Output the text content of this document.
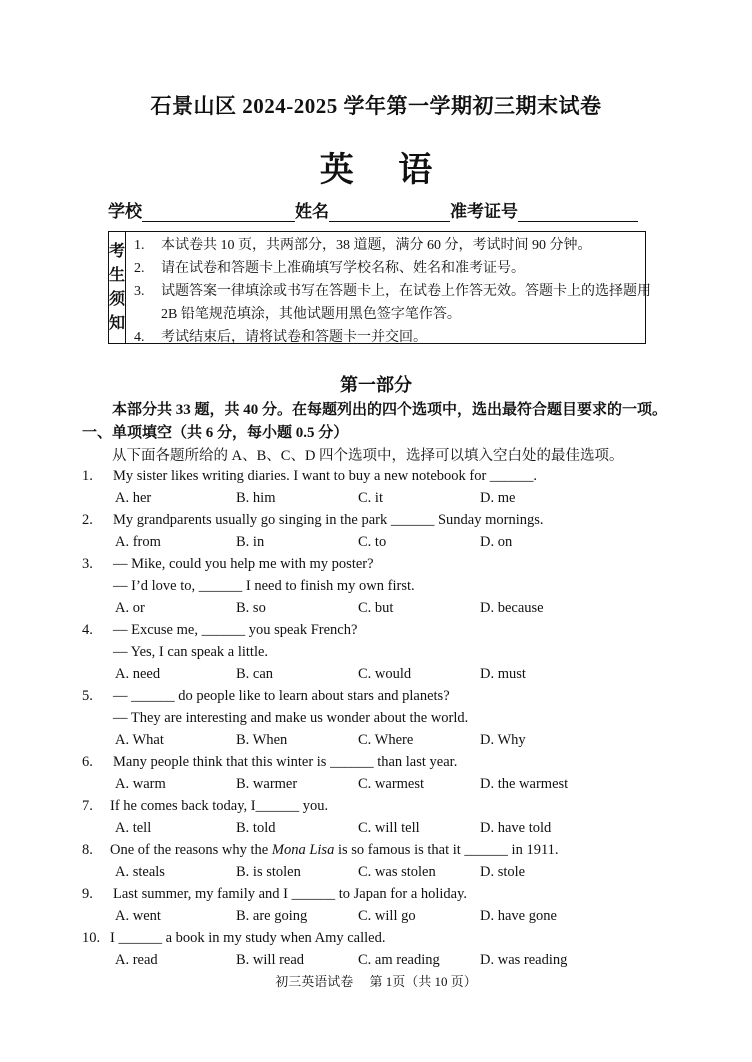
石景山区 2024-2025 学年第一学期初三期末试卷
英 语
学校	姓名	准考证号
考
生
须
知
1.	本试卷共 10 页，共两部分，38 道题，满分 60 分，考试时间 90 分钟。
2.	请在试卷和答题卡上准确填写学校名称、姓名和准考证号。
3.	试题答案一律填涂或书写在答题卡上，在试卷上作答无效。答题卡上的选择题用 2B 铅笔规范填涂，其他试题用黑色签字笔作答。
4.	考试结束后，请将试卷和答题卡一并交回。
第一部分
本部分共 33 题，共 40 分。在每题列出的四个选项中，选出最符合题目要求的一项。
一、单项填空（共 6 分，每小题 0.5 分）
从下面各题所给的 A、B、C、D 四个选项中，选择可以填入空白处的最佳选项。
1. My sister likes writing diaries. I want to buy a new notebook for ______.
A. her	B. him	C. it	D. me
2. My grandparents usually go singing in the park ______ Sunday mornings.
A. from	B. in	C. to	D. on
3. — Mike, could you help me with my poster?
— I’d love to, ______ I need to finish my own first.
A. or	B. so	C. but	D. because
4. — Excuse me, ______ you speak French?
— Yes, I can speak a little.
A. need	B. can	C. would	D. must
5. — ______ do people like to learn about stars and planets?
— They are interesting and make us wonder about the world.
A. What	B. When	C. Where	D. Why
6. Many people think that this winter is ______ than last year.
A. warm	B. warmer	C. warmest	D. the warmest
7. If he comes back today, I______ you.
A. tell	B. told	C. will tell	D. have told
8. One of the reasons why the Mona Lisa is so famous is that it ______ in 1911.
A. steals	B. is stolen	C. was stolen	D. stole
9. Last summer, my family and I ______ to Japan for a holiday.
A. went	B. are going	C. will go	D. have gone
10. I ______ a book in my study when Amy called.
A. read	B. will read	C. am reading	D. was reading
初三英语试卷　 第 1页（共 10 页）
